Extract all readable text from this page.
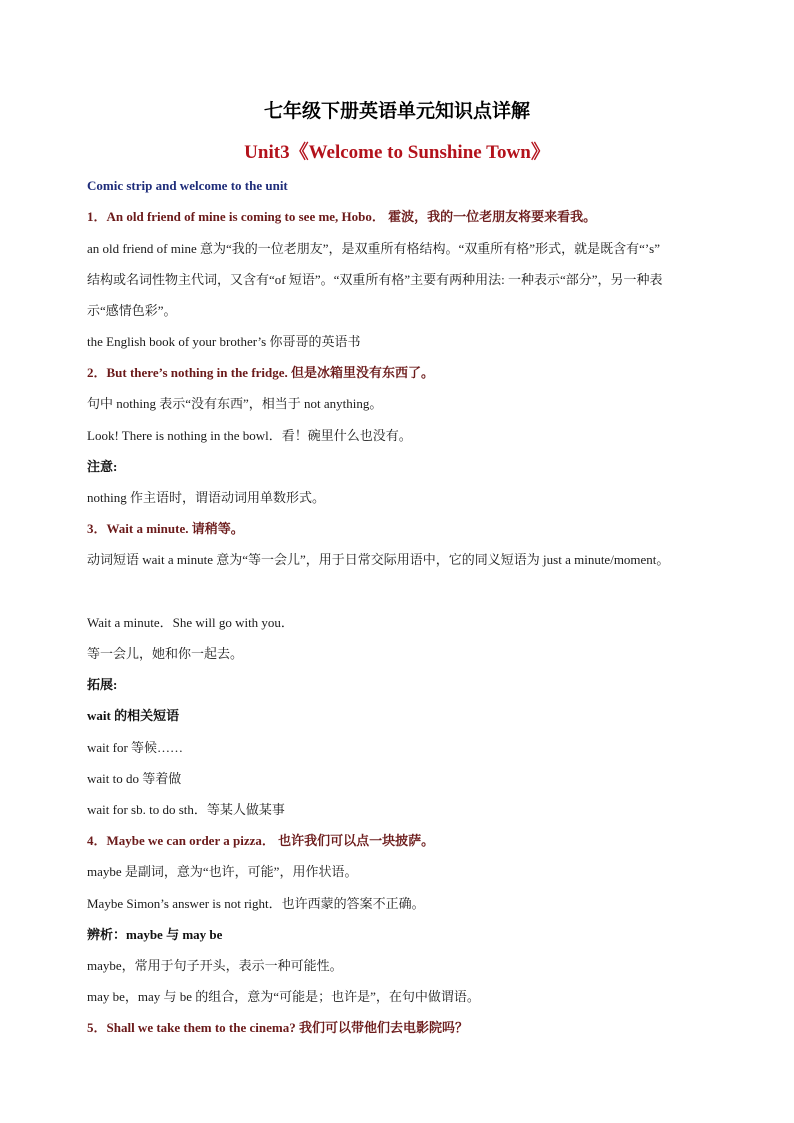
七年级下册英语单元知识点详解
Unit3《Welcome to Sunshine Town》
Comic strip and welcome to the unit
1．An old friend of mine is coming to see me, Hobo． 霍波，我的一位老朋友将要来看我。
an old friend of mine 意为“我的一位老朋友”，是双重所有格结构。“双重所有格”形式，就是既含有“’s”
结构或名词性物主代词，又含有“of 短语”。“双重所有格”主要有两种用法: 一种表示“部分”，另一种表
示“感情色彩”。
the English book of your brother’s 你哥哥的英语书
2．But there’s nothing in the fridge. 但是冰箱里没有东西了。
句中 nothing 表示“没有东西”，相当于 not anything。
Look! There is nothing in the bowl．看！碗里什么也没有。
注意:
nothing 作主语时，谓语动词用单数形式。
3．Wait a minute. 请稍等。
动词短语 wait a minute 意为“等一会儿”，用于日常交际用语中，它的同义短语为 just a minute/moment。
Wait a minute．She will go with you．
等一会儿，她和你一起去。
拓展:
wait 的相关短语
wait for 等候……
wait to do 等着做
wait for sb. to do sth．等某人做某事
4．Maybe we can order a pizza． 也许我们可以点一块披萨。
maybe 是副词，意为“也许，可能”，用作状语。
Maybe Simon’s answer is not right．也许西蒙的答案不正确。
辨析：maybe 与 may be
maybe，常用于句子开头，表示一种可能性。
may be，may 与 be 的组合，意为“可能是；也许是”，在句中做谓语。
5．Shall we take them to the cinema? 我们可以带他们去电影院吗？
